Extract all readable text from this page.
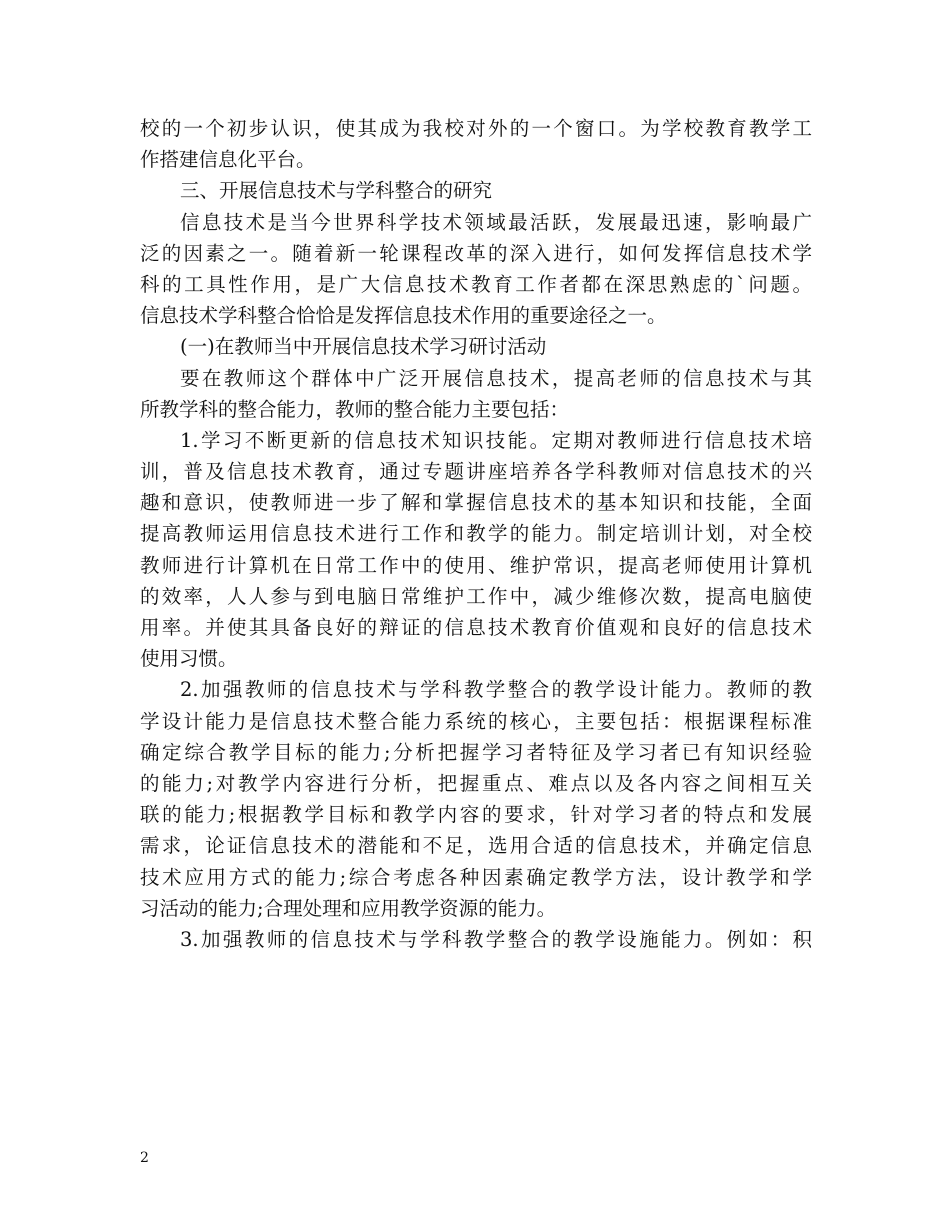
校的一个初步认识，使其成为我校对外的一个窗口。为学校教育教学工
作搭建信息化平台。
三、开展信息技术与学科整合的研究
信息技术是当今世界科学技术领域最活跃，发展最迅速，影响最广
泛的因素之一。随着新一轮课程改革的深入进行，如何发挥信息技术学
科的工具性作用，是广大信息技术教育工作者都在深思熟虑的`问题。
信息技术学科整合恰恰是发挥信息技术作用的重要途径之一。
(一)在教师当中开展信息技术学习研讨活动
要在教师这个群体中广泛开展信息技术，提高老师的信息技术与其
所教学科的整合能力，教师的整合能力主要包括：
1.学习不断更新的信息技术知识技能。定期对教师进行信息技术培
训，普及信息技术教育，通过专题讲座培养各学科教师对信息技术的兴
趣和意识，使教师进一步了解和掌握信息技术的基本知识和技能，全面
提高教师运用信息技术进行工作和教学的能力。制定培训计划，对全校
教师进行计算机在日常工作中的使用、维护常识，提高老师使用计算机
的效率，人人参与到电脑日常维护工作中，减少维修次数，提高电脑使
用率。并使其具备良好的辩证的信息技术教育价值观和良好的信息技术
使用习惯。
2.加强教师的信息技术与学科教学整合的教学设计能力。教师的教
学设计能力是信息技术整合能力系统的核心，主要包括：根据课程标准
确定综合教学目标的能力;分析把握学习者特征及学习者已有知识经验
的能力;对教学内容进行分析，把握重点、难点以及各内容之间相互关
联的能力;根据教学目标和教学内容的要求，针对学习者的特点和发展
需求，论证信息技术的潜能和不足，选用合适的信息技术，并确定信息
技术应用方式的能力;综合考虑各种因素确定教学方法，设计教学和学
习活动的能力;合理处理和应用教学资源的能力。
3.加强教师的信息技术与学科教学整合的教学设施能力。例如：积
2
